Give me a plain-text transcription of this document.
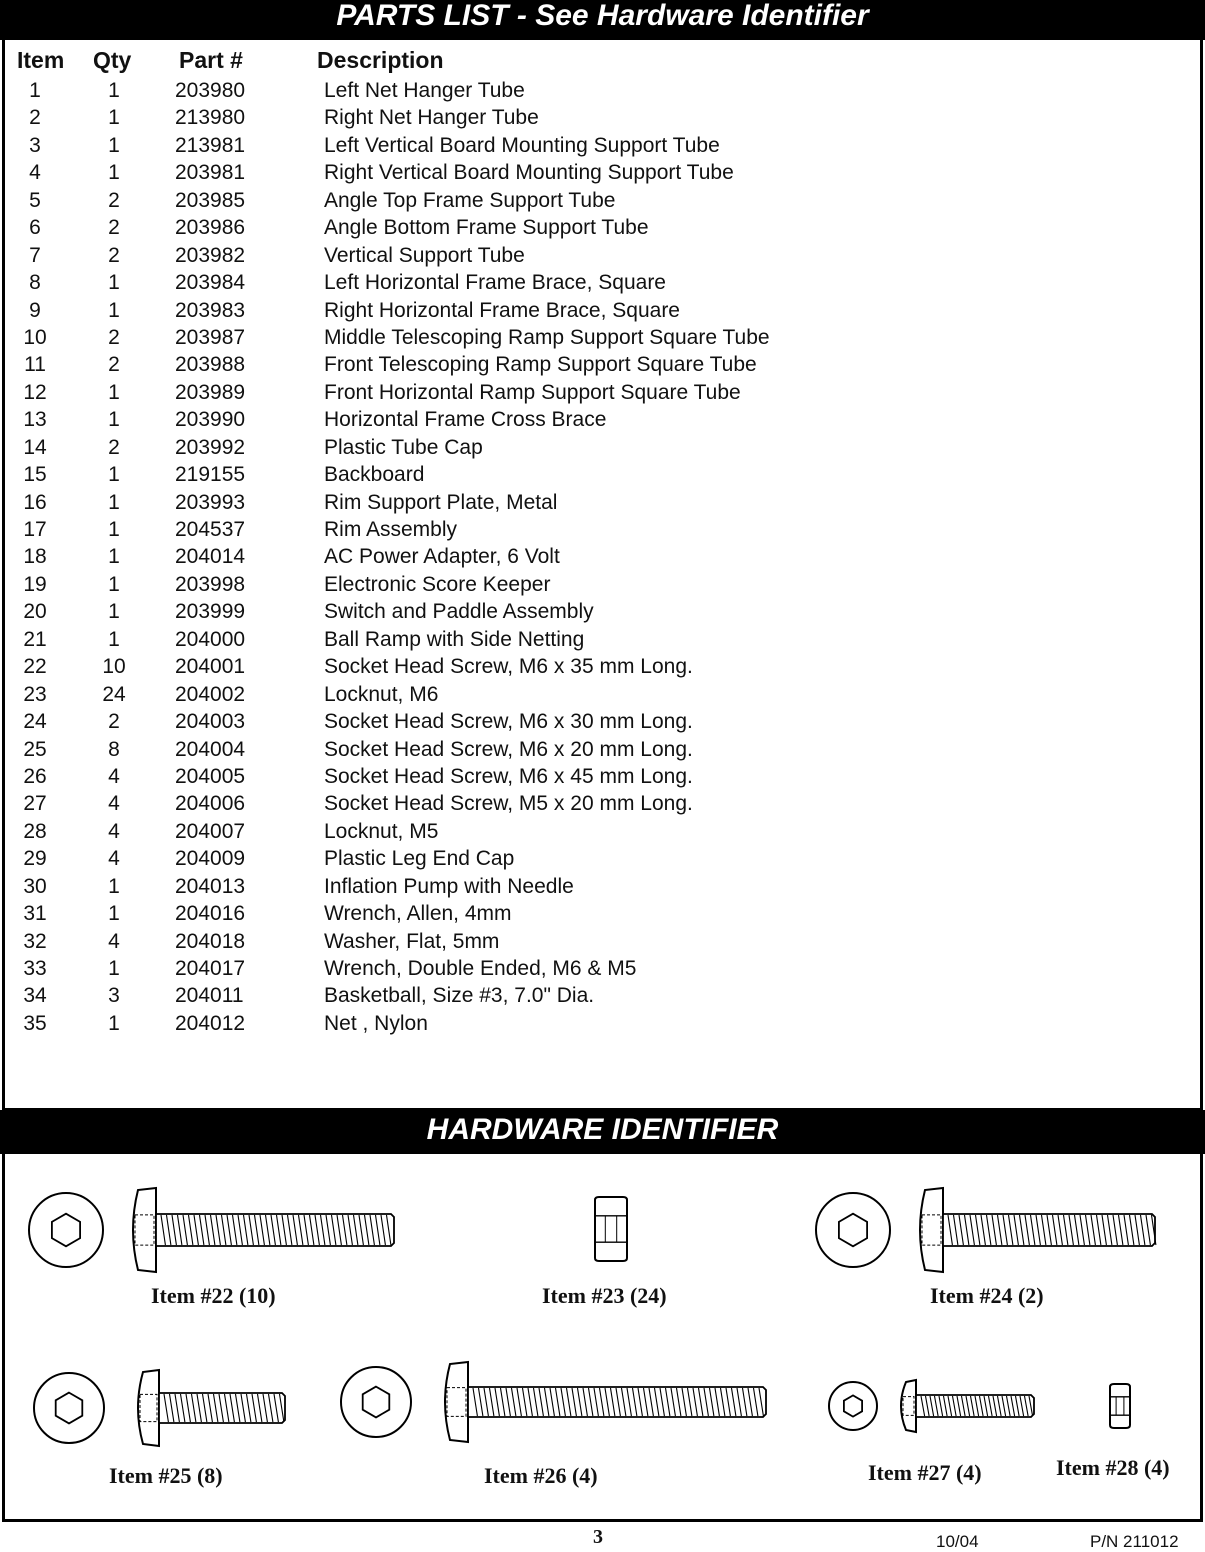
PARTS LIST - See Hardware Identifier
Item Qty Part #	Description
1	1	203980	Left Net Hanger Tube
2	1	213980	Right Net Hanger Tube
3	1	213981	Left Vertical Board Mounting Support Tube
4	1	203981	Right Vertical Board Mounting Support Tube
5	2	203985	Angle Top Frame Support Tube
6	2	203986	Angle Bottom Frame Support Tube
7	2	203982	Vertical Support Tube
8	1	203984	Left Horizontal Frame Brace, Square
9	1	203983	Right Horizontal Frame Brace, Square
10	2	203987	Middle Telescoping Ramp Support Square Tube
11	2	203988	Front Telescoping Ramp Support Square Tube
12	1	203989	Front Horizontal Ramp Support Square Tube
13	1	203990	Horizontal Frame Cross Brace
14	2	203992	Plastic Tube Cap
15	1	219155	Backboard
16	1	203993	Rim Support Plate, Metal
17	1	204537	Rim Assembly
18	1	204014	AC Power Adapter, 6 Volt
19	1	203998	Electronic Score Keeper
20	1	203999	Switch and Paddle Assembly
21	1	204000	Ball Ramp with Side Netting
22	10	204001	Socket Head Screw, M6 x 35 mm Long.
23	24	204002	Locknut, M6
24	2	204003	Socket Head Screw, M6 x 30 mm Long.
25	8	204004	Socket Head Screw, M6 x 20 mm Long.
26	4	204005	Socket Head Screw, M6 x 45 mm Long.
27	4	204006	Socket Head Screw, M5 x 20 mm Long.
28	4	204007	Locknut, M5
29	4	204009	Plastic Leg End Cap
30	1	204013	Inflation Pump with Needle
31	1	204016	Wrench, Allen, 4mm
32	4	204018	Washer, Flat, 5mm
33	1	204017	Wrench, Double Ended, M6 & M5
34	3	204011	Basketball, Size #3, 7.0" Dia.
35	1	204012	Net , Nylon
HARDWARE IDENTIFIER
Item #22 (10)	Item #23 (24)	Item #24 (2)
Item #25 (8)	Item #26 (4)	Item #27 (4)	Item #28 (4)
3	10/04	P/N 211012
